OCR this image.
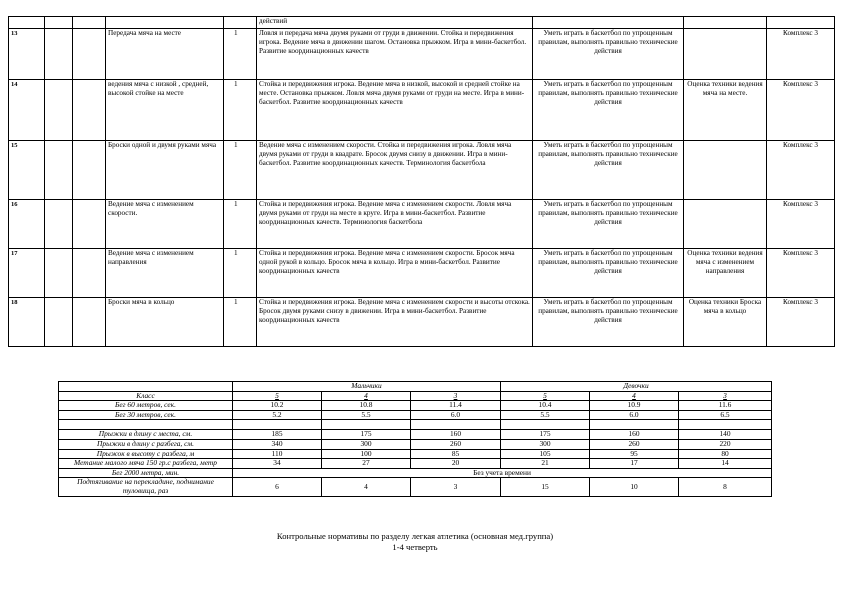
					действий			
13			Передача мяча на месте	1	Ловля и передача мяча двумя руками от груди в движении. Стойка и передвижения игрока. Ведение мяча в движении шагом. Остановка прыжком. Игра в мини-баскетбол. Развитие координационных качеств	Уметь играть в баскетбол по упрощенным правилам, выполнять правильно технические действия		Комплекс 3
14			ведения мяча с низкой , средней, высокой стойке на месте	1	Стойка и передвижения игрока. Ведение мяча в низкой, высокой и средней стойке на месте. Остановка прыжком. Ловля мяча двумя руками от груди на месте. Игра в мини-баскетбол. Развитие координационных качеств	Уметь играть в баскетбол по упрощенным правилам, выполнять правильно технические действия	Оценка техники ведения мяча на месте.	Комплекс 3
15			Броски одной и двумя руками мяча	1	Ведение мяча с изменением скорости. Стойка и передвижения игрока. Ловля мяча двумя руками от груди в квадрате. Бросок двумя снизу в движении. Игра в мини-баскетбол. Развитие координационных качеств. Терминология баскетбола	Уметь играть в баскетбол по упрощенным правилам, выполнять правильно технические действия		Комплекс 3
16			Ведение мяча с изменением скорости.	1	Стойка и передвижения игрока. Ведение мяча с изменением скорости. Ловля мяча двумя руками от груди на месте в круге. Игра в мини-баскетбол. Развитие координационных качеств. Терминология баскетбола	Уметь играть в баскетбол по упрощенным правилам, выполнять правильно технические действия		Комплекс 3
17			Ведение мяча с изменением направления	1	Стойка и передвижения игрока. Ведение мяча с изменением скорости. Бросок мяча одной рукой в кольцо. Бросок мяча в кольцо. Игра в мини-баскетбол. Развитие координационных качеств	Уметь играть в баскетбол по упрощенным правилам, выполнять правильно технические действия	Оценка техники ведения мяча с изменением направления	Комплекс 3
18			Броски мяча в кольцо	1	Стойка и передвижения игрока. Ведение мяча с изменением скорости и высоты отскока. Бросок двумя руками снизу в движении. Игра в мини-баскетбол. Развитие координационных качеств	Уметь играть в баскетбол по упрощенным правилам, выполнять правильно технические действия	Оценка техники Броска мяча в кольцо	Комплекс 3
	Мальчики			Девочки		
Класс	5	4	3	5	4	3
Бег 60 метров, сек.	10.2	10.8	11.4	10.4	10.9	11.6
Бег 30 метров, сек.	5.2	5.5	6.0	5.5	6.0	6.5

Прыжки в длину с места, см.	185	175	160	175	160	140
Прыжки в длину с разбега, см.	340	300	260	300	260	220
Прыжок в высоту с разбега, м	110	100	85	105	95	80
Метание малого мяча 150 гр.с разбега, метр	34	27	20	21	17	14
Бег 2000 метра, мин.	Без учета времени					
Подтягивание на перекладине, поднимание туловища, раз	6	4	3	15	10	8
Контрольные нормативы по разделу легкая атлетика (основная мед.группа)
1-4 четверть
